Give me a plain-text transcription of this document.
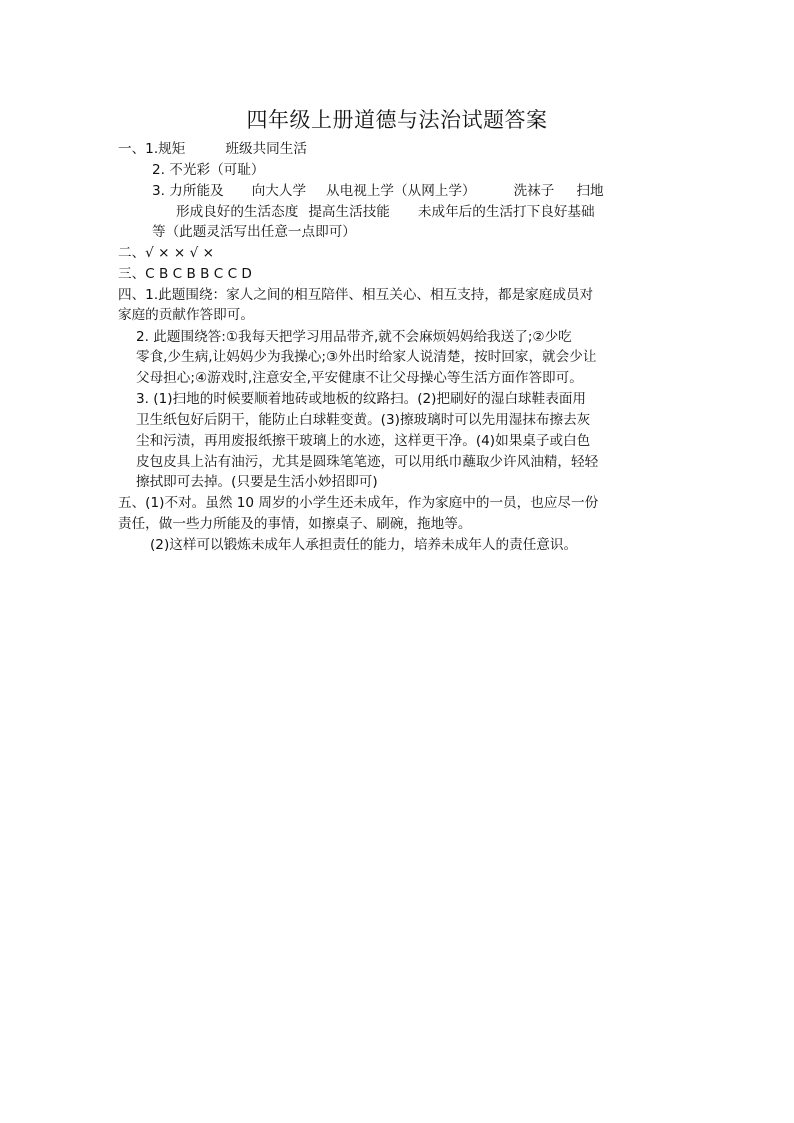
四年级上册道德与法治试题答案
一、1.规矩	班级共同生活
2. 不光彩（可耻）
3. 力所能及 向大人学 从电视上学（从网上学）	洗袜子 扫地
形成良好的生活态度 提高生活技能 未成年后的生活打下良好基础
等（此题灵活写出任意一点即可）
二、√ × × √ ×
三、C B C B B C C D
四、1.此题围绕：家人之间的相互陪伴、相互关心、相互支持，都是家庭成员对
家庭的贡献作答即可。
2. 此题围绕答:①我每天把学习用品带齐,就不会麻烦妈妈给我送了;②少吃
零食,少生病,让妈妈少为我操心;③外出时给家人说清楚，按时回家，就会少让
父母担心;④游戏时,注意安全,平安健康不让父母操心等生活方面作答即可。
3. (1)扫地的时候要顺着地砖或地板的纹路扫。(2)把刷好的湿白球鞋表面用
卫生纸包好后阴干，能防止白球鞋变黄。(3)擦玻璃时可以先用湿抹布擦去灰
尘和污渍，再用废报纸擦干玻璃上的水迹，这样更干净。(4)如果桌子或白色
皮包皮具上沾有油污，尤其是圆珠笔笔迹，可以用纸巾蘸取少许风油精，轻轻
擦拭即可去掉。(只要是生活小妙招即可)
五、(1)不对。虽然 10 周岁的小学生还未成年，作为家庭中的一员，也应尽一份
责任，做一些力所能及的事情，如擦桌子、刷碗，拖地等。
(2)这样可以锻炼未成年人承担责任的能力，培养未成年人的责任意识。
